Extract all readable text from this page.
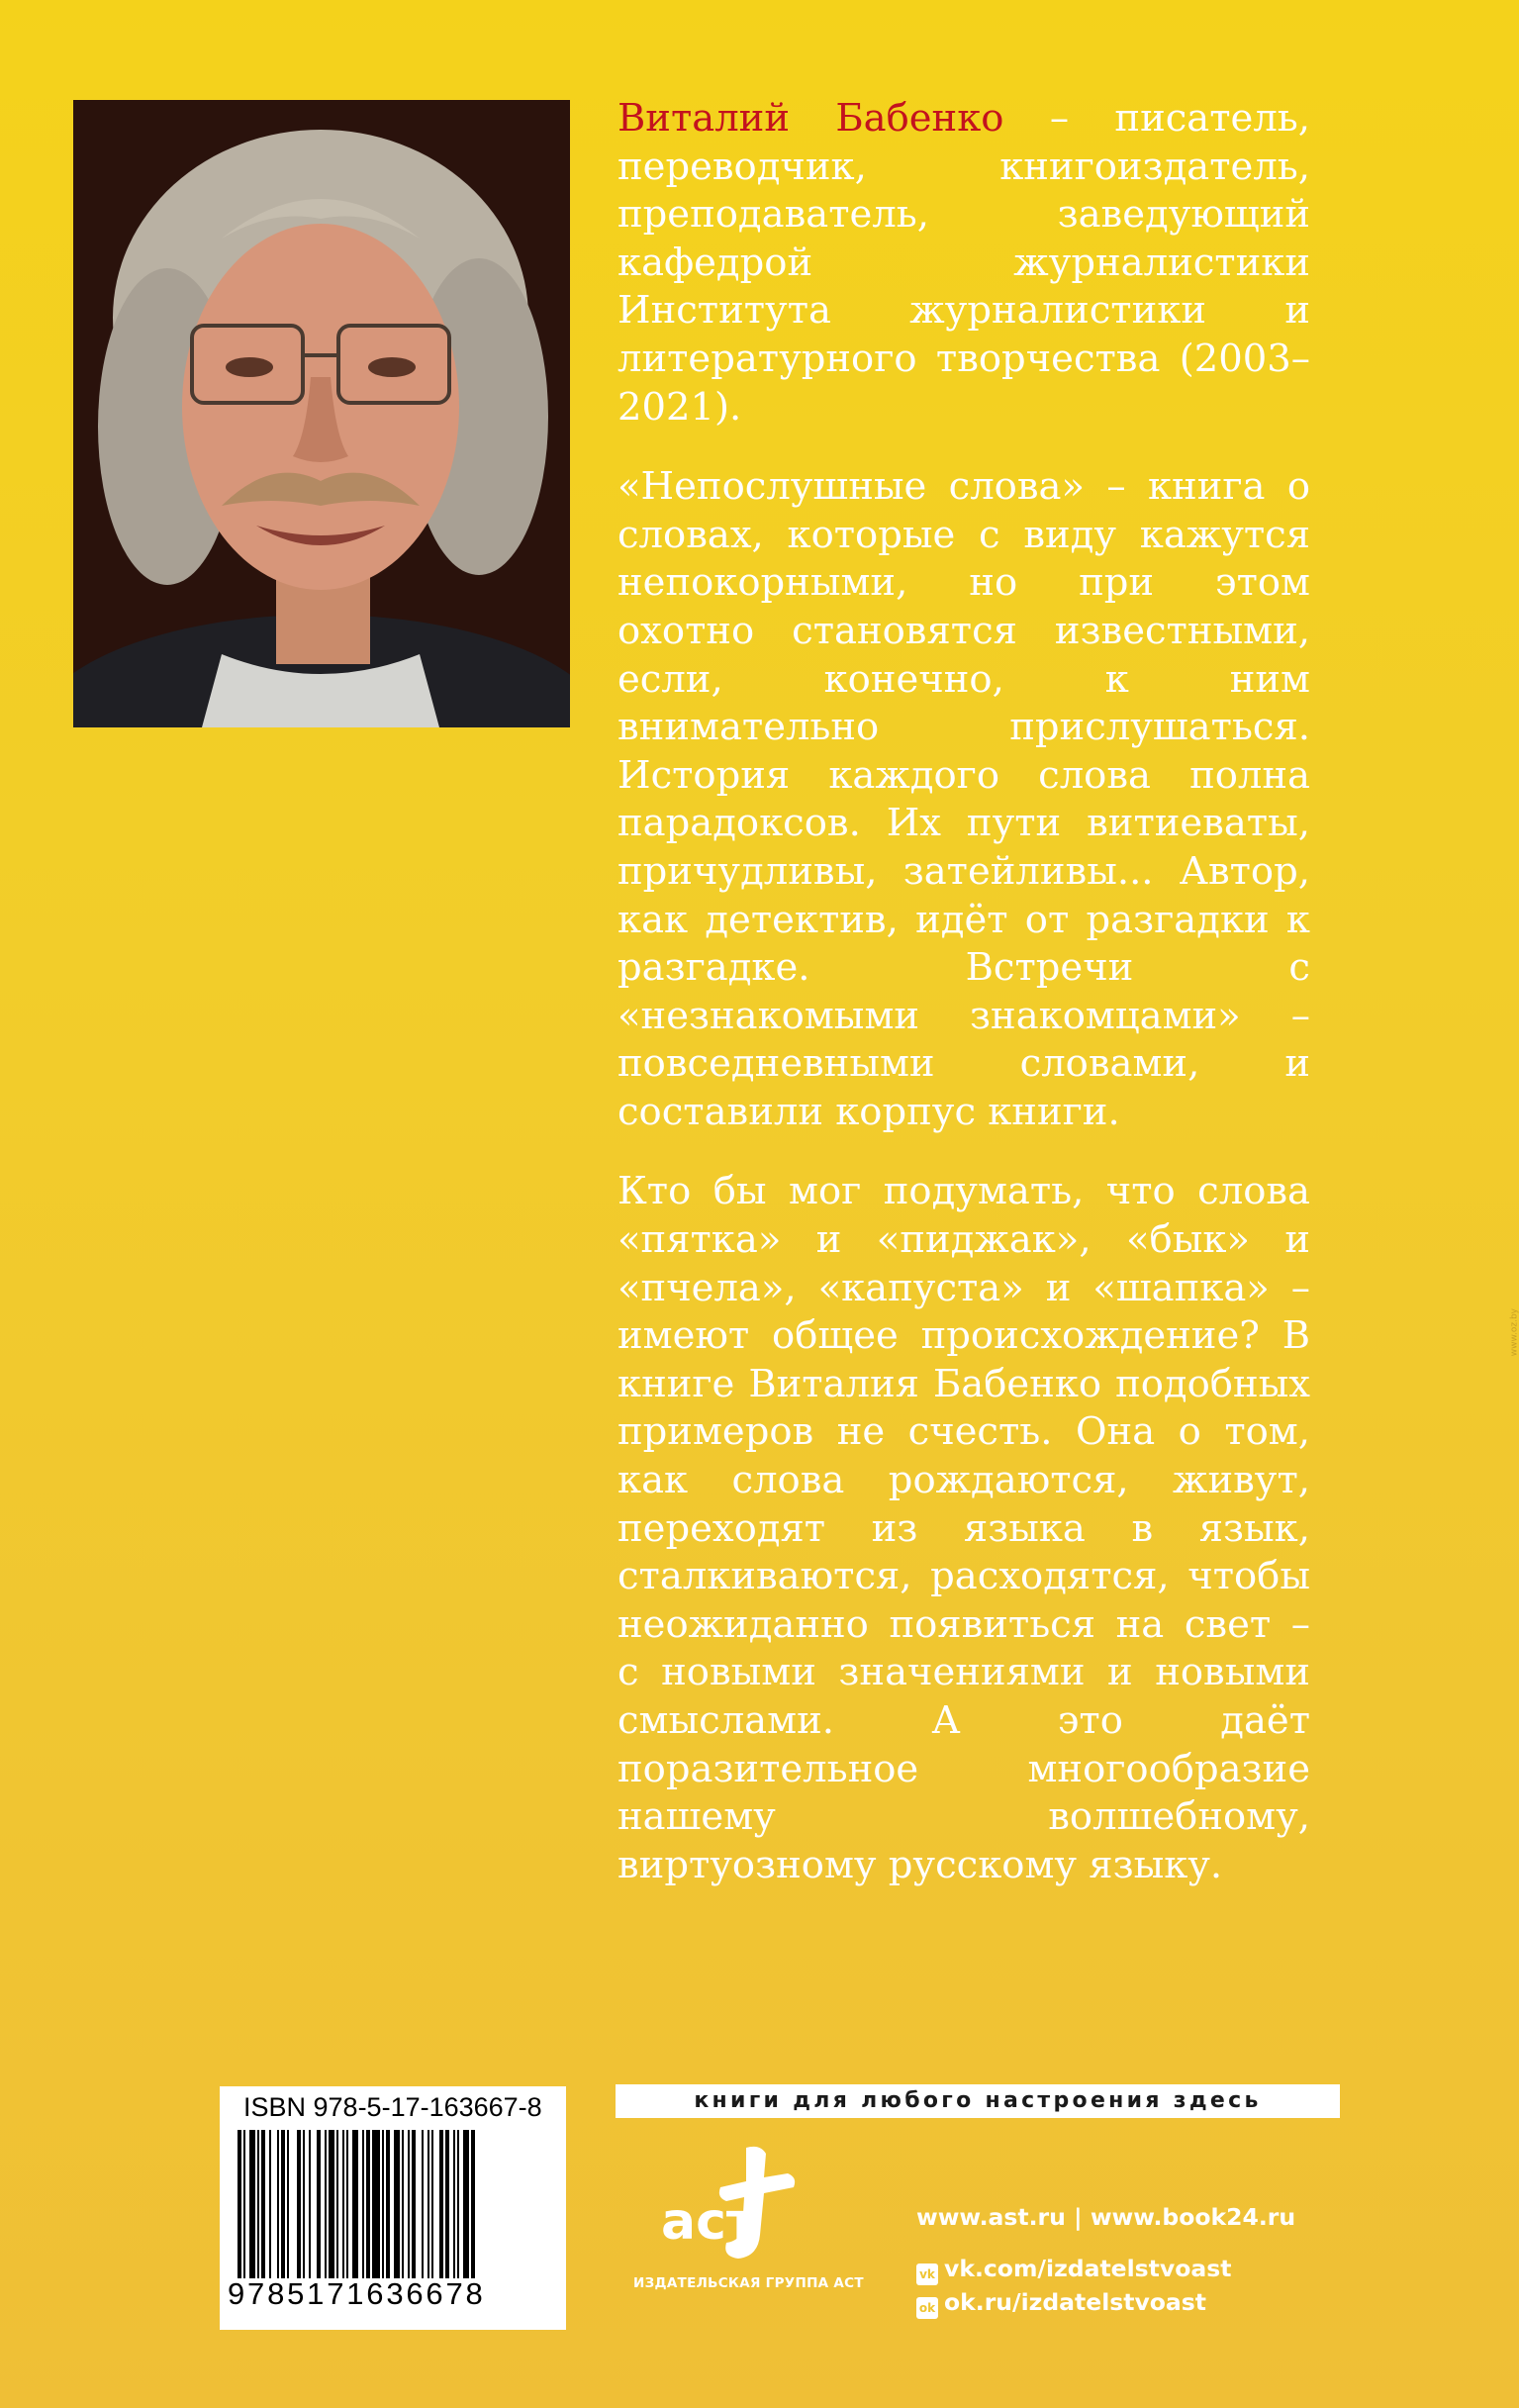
Виталий Бабенко – писатель, переводчик, книгоиздатель, преподаватель, заведующий кафедрой журналистики Института журналистики и литературного творчества (2003–2021).

«Непослушные слова» – книга о словах, которые с виду кажутся непокорными, но при этом охотно становятся известными, если, конечно, к ним внимательно прислушаться. История каждого слова полна парадоксов. Их пути витиеваты, причудливы, затейливы... Автор, как детектив, идёт от разгадки к разгадке. Встречи с «незнакомыми знакомцами» – повседневными словами, и составили корпус книги.

Кто бы мог подумать, что слова «пятка» и «пиджак», «бык» и «пчела», «капуста» и «шапка» – имеют общее происхождение? В книге Виталия Бабенко подобных примеров не счесть. Она о том, как слова рождаются, живут, переходят из языка в язык, сталкиваются, расходятся, чтобы неожиданно появиться на свет – с новыми значениями и новыми смыслами. А это даёт поразительное многообразие нашему волшебному, виртуозному русскому языку.

книги для любого настроения здесь
ISBN 978-5-17-163667-8
9785171636678
аст
ИЗДАТЕЛЬСКАЯ ГРУППА АСТ
www.ast.ru | www.book24.ru
vk vk.com/izdatelstvoast
ok ok.ru/izdatelstvoast
www.oz.by
